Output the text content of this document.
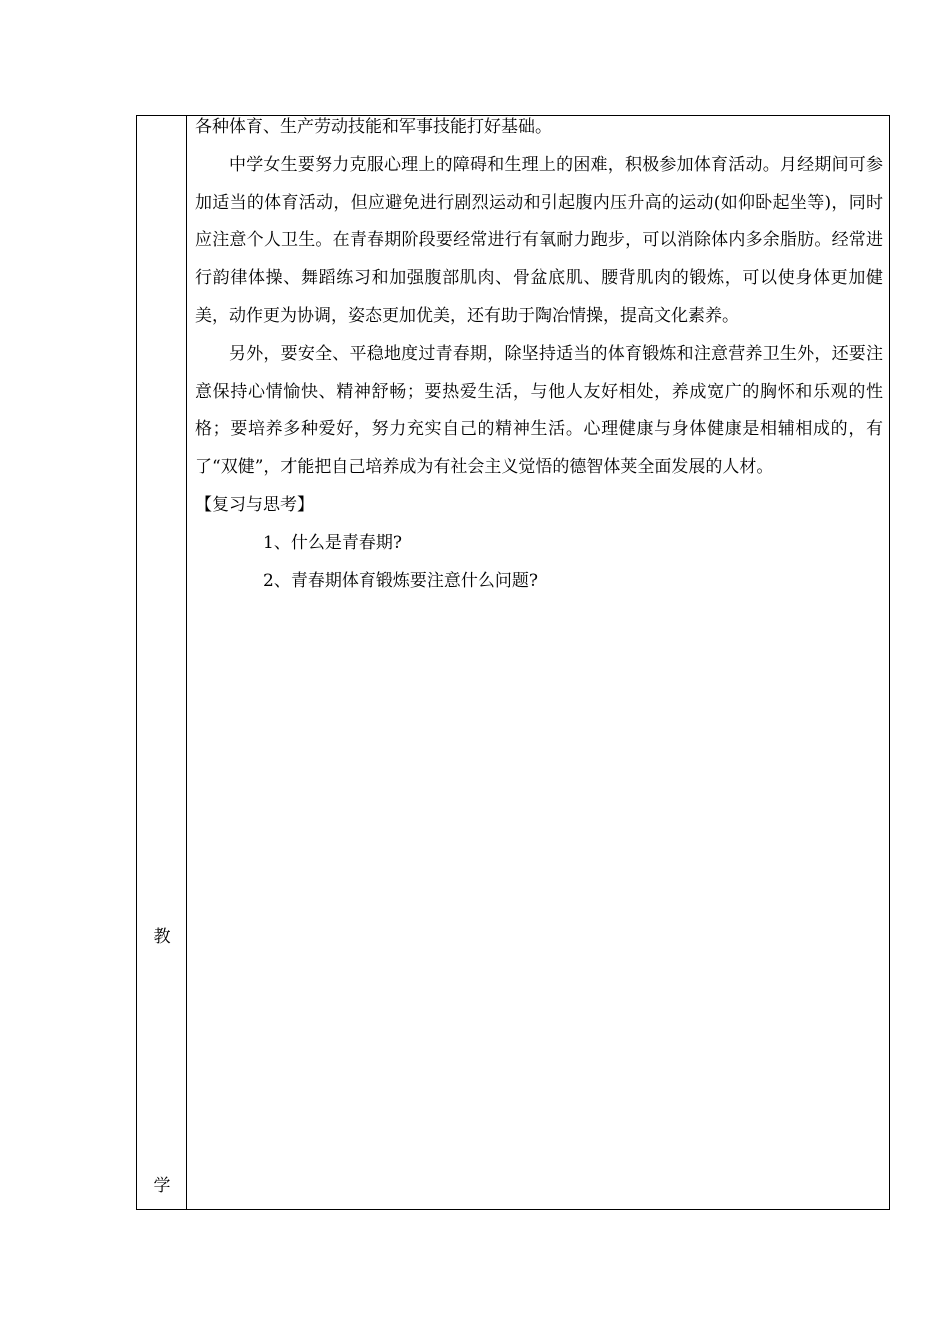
教
学

各种体育、生产劳动技能和军事技能打好基础。

中学女生要努力克服心理上的障碍和生理上的困难，积极参加体育活动。月经期间可参加适当的体育活动，但应避免进行剧烈运动和引起腹内压升高的运动(如仰卧起坐等)，同时应注意个人卫生。在青春期阶段要经常进行有氧耐力跑步，可以消除体内多余脂肪。经常进行韵律体操、舞蹈练习和加强腹部肌肉、骨盆底肌、腰背肌肉的锻炼，可以使身体更加健美，动作更为协调，姿态更加优美，还有助于陶冶情操，提高文化素养。

另外，要安全、平稳地度过青春期，除坚持适当的体育锻炼和注意营养卫生外，还要注意保持心情愉快、精神舒畅；要热爱生活，与他人友好相处，养成宽广的胸怀和乐观的性格；要培养多种爱好，努力充实自己的精神生活。心理健康与身体健康是相辅相成的，有了“双健”，才能把自己培养成为有社会主义觉悟的德智体荚全面发展的人材。

【复习与思考】

1、什么是青春期?

2、青春期体育锻炼要注意什么问题?
